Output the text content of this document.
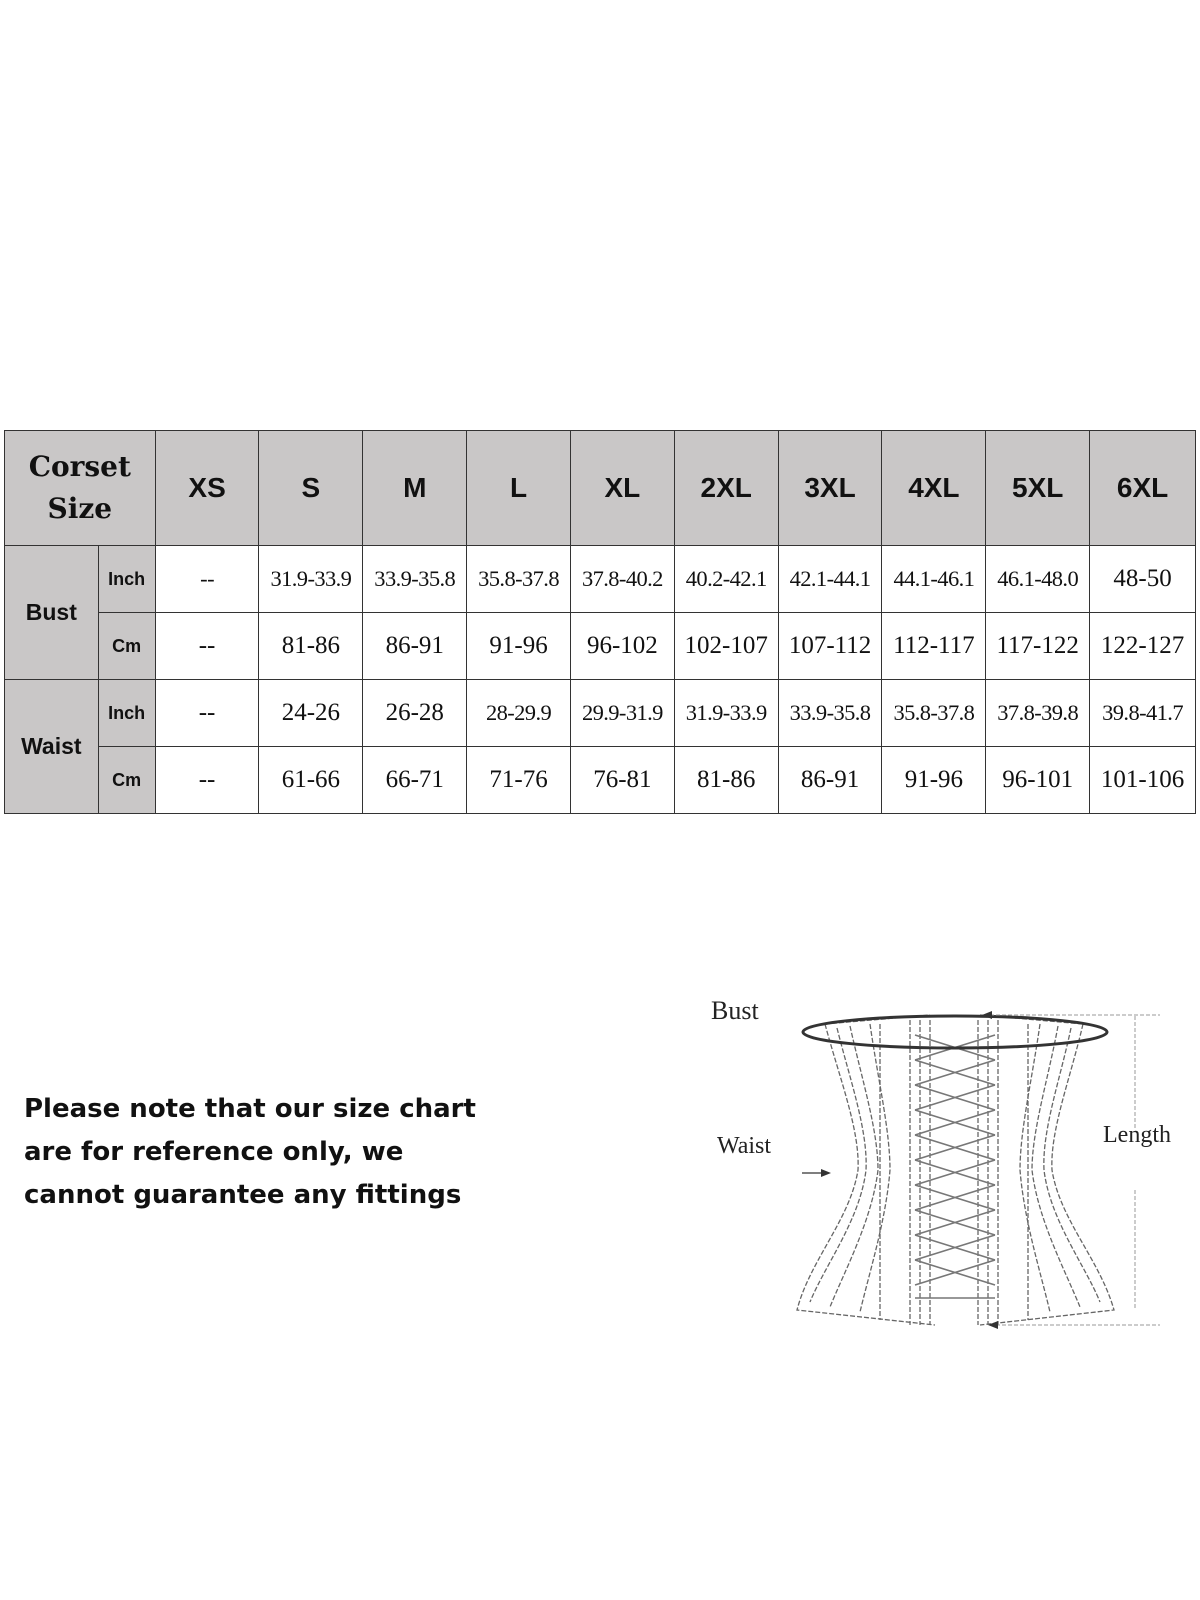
Corset
Size		XS	S	M	L	XL	2XL	3XL	4XL	5XL	6XL
Bust	Inch	--	31.9-33.9	33.9-35.8	35.8-37.8	37.8-40.2	40.2-42.1	42.1-44.1	44.1-46.1	46.1-48.0	48-50
	Cm	--	81-86	86-91	91-96	96-102	102-107	107-112	112-117	117-122	122-127
Waist	Inch	--	24-26	26-28	28-29.9	29.9-31.9	31.9-33.9	33.9-35.8	35.8-37.8	37.8-39.8	39.8-41.7
	Cm	--	61-66	66-71	71-76	76-81	81-86	86-91	91-96	96-101	101-106
Please note that our size chart
are for reference only, we
cannot guarantee any fittings
Bust
Waist	Length
